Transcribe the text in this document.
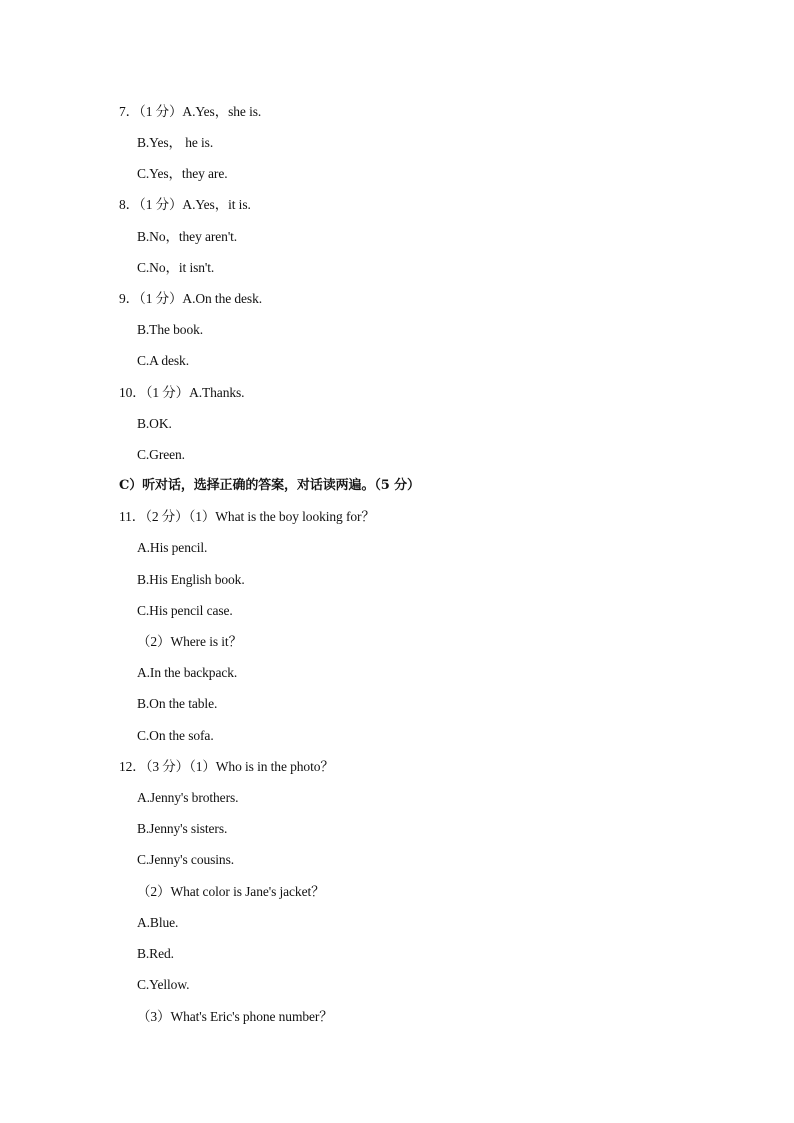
7．（1 分）A.Yes，she is.
B.Yes， he is.
C.Yes，they are.
8．（1 分）A.Yes，it is.
B.No，they aren't.
C.No，it isn't.
9．（1 分）A.On the desk.
B.The book.
C.A desk.
10．（1 分）A.Thanks.
B.OK.
C.Green.
C）听对话，选择正确的答案，对话读两遍。（5 分）
11．（2 分）（1）What is the boy looking for？
A.His pencil.
B.His English book.
C.His pencil case.
（2）Where is it？
A.In the backpack.
B.On the table.
C.On the sofa.
12．（3 分）（1）Who is in the photo？
A.Jenny's brothers.
B.Jenny's sisters.
C.Jenny's cousins.
（2）What color is Jane's jacket？
A.Blue.
B.Red.
C.Yellow.
（3）What's Eric's phone number？
